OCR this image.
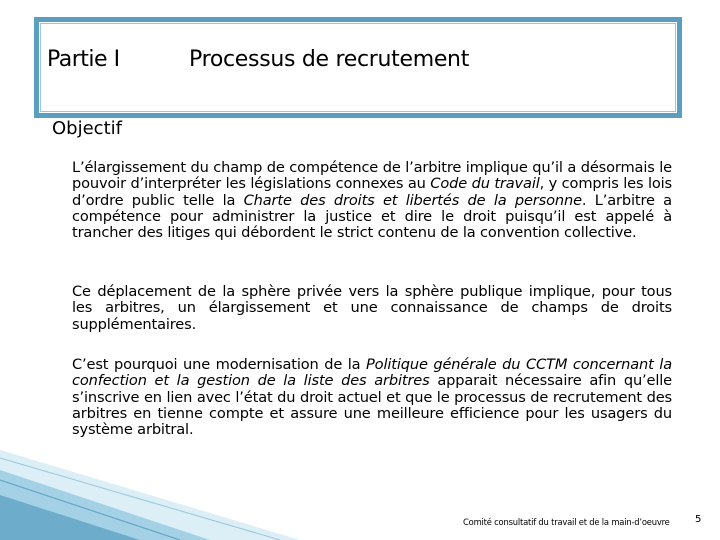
Partie I	Processus de recrutement
Objectif
L’élargissement du champ de compétence de l’arbitre implique qu’il a désormais le pouvoir d’interpréter les législations connexes au Code du travail, y compris les lois d’ordre public telle la Charte des droits et libertés de la personne. L’arbitre a compétence pour administrer la justice et dire le droit puisqu’il est appelé à trancher des litiges qui débordent le strict contenu de la convention collective.
Ce déplacement de la sphère privée vers la sphère publique implique, pour tous les arbitres, un élargissement et une connaissance de champs de droits supplémentaires.
C’est pourquoi une modernisation de la Politique générale du CCTM concernant la confection et la gestion de la liste des arbitres apparait nécessaire afin qu’elle s’inscrive en lien avec l’état du droit actuel et que le processus de recrutement des arbitres en tienne compte et assure une meilleure efficience pour les usagers du système arbitral.
Comité consultatif du travail et de la main-d’oeuvre	5
